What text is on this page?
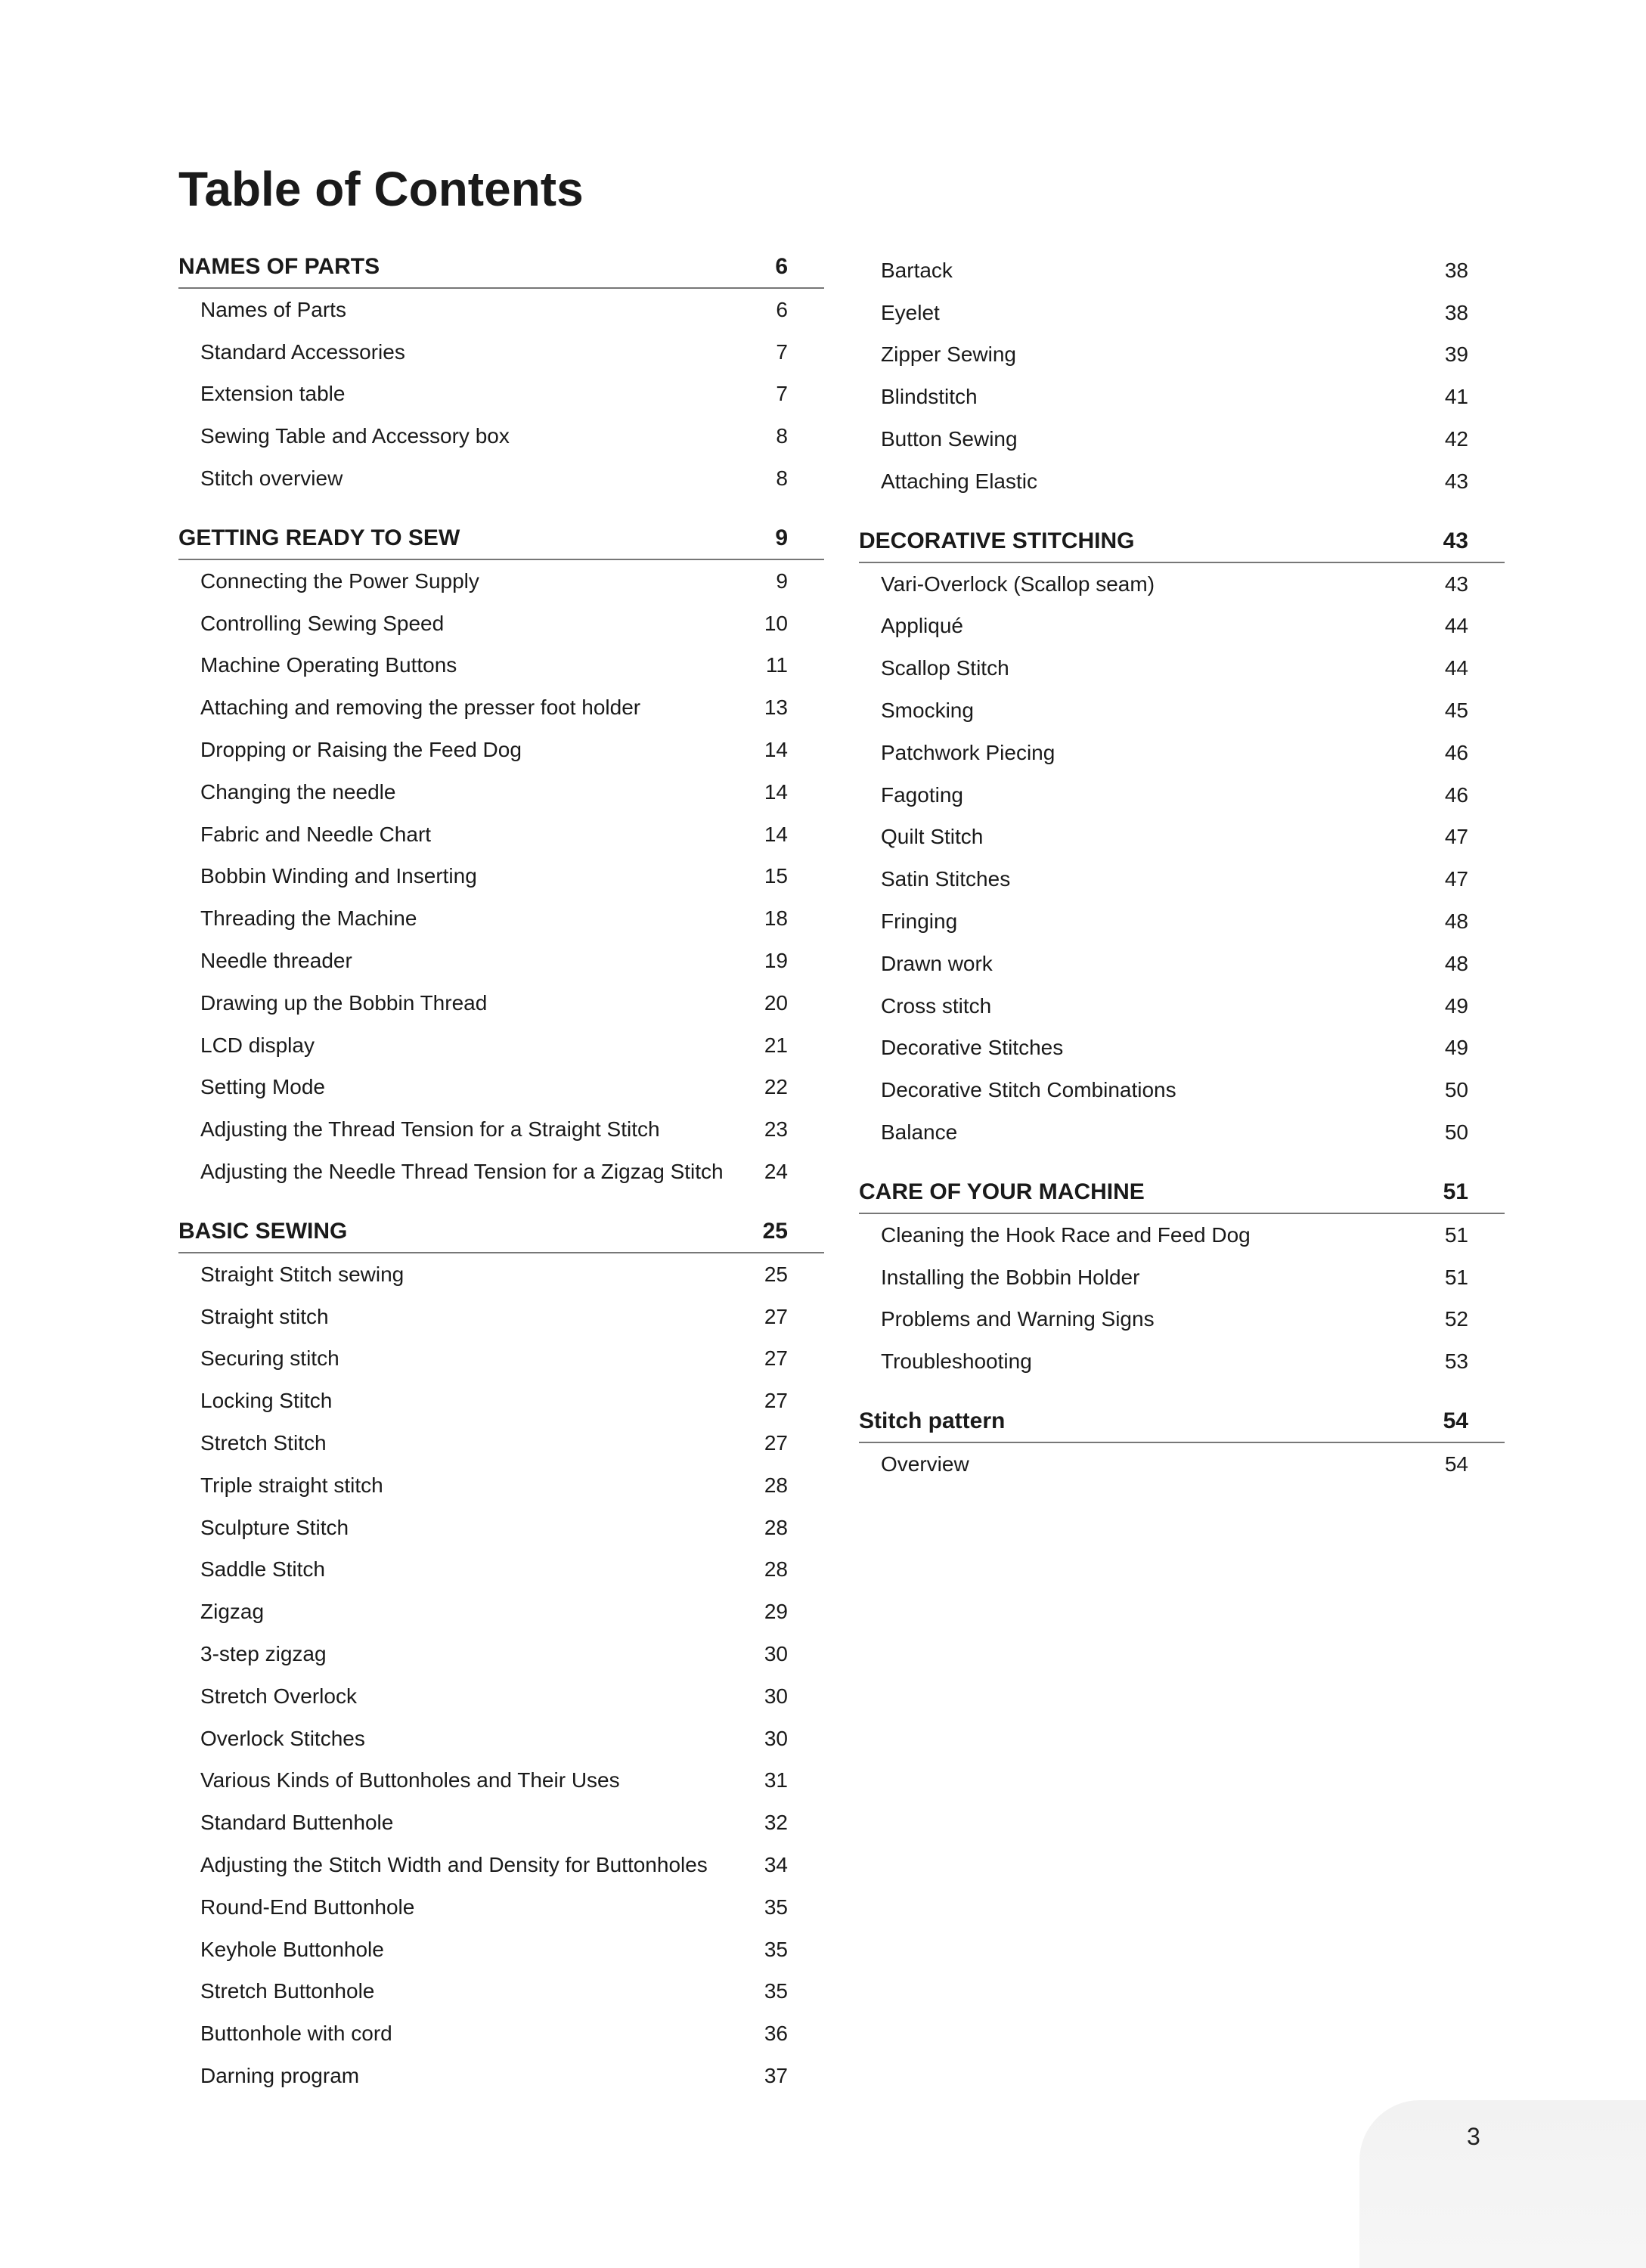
Table of Contents
NAMES OF PARTS	6
Names of Parts	6
Standard Accessories	7
Extension table	7
Sewing Table and Accessory box	8
Stitch overview	8
GETTING READY TO SEW	9
Connecting the Power Supply	9
Controlling Sewing Speed	10
Machine Operating Buttons	11
Attaching and removing the presser foot holder	13
Dropping or Raising the Feed Dog	14
Changing the needle	14
Fabric and Needle Chart	14
Bobbin Winding and Inserting	15
Threading the Machine	18
Needle threader	19
Drawing up the Bobbin Thread	20
LCD display	21
Setting Mode	22
Adjusting the Thread Tension for a Straight Stitch	23
Adjusting the Needle Thread Tension for a Zigzag Stitch 24
BASIC SEWING	25
Straight Stitch sewing	25
Straight stitch	27
Securing stitch	27
Locking Stitch	27
Stretch Stitch	27
Triple straight stitch	28
Sculpture Stitch	28
Saddle Stitch	28
Zigzag	29
3-step zigzag	30
Stretch Overlock	30
Overlock Stitches	30
Various Kinds of Buttonholes and Their Uses	31
Standard Buttenhole	32
Adjusting the Stitch Width and Density for Buttonholes	34
Round-End Buttonhole	35
Keyhole Buttonhole	35
Stretch Buttonhole	35
Buttonhole with cord	36
Darning program	37
Bartack	38
Eyelet	38
Zipper Sewing	39
Blindstitch	41
Button Sewing	42
Attaching Elastic	43
DECORATIVE STITCHING	43
Vari-Overlock (Scallop seam)	43
Appliqué	44
Scallop Stitch	44
Smocking	45
Patchwork Piecing	46
Fagoting	46
Quilt Stitch	47
Satin Stitches	47
Fringing	48
Drawn work	48
Cross stitch	49
Decorative Stitches	49
Decorative Stitch Combinations	50
Balance	50
CARE OF YOUR MACHINE	51
Cleaning the Hook Race and Feed Dog	51
Installing the Bobbin Holder	51
Problems and Warning Signs	52
Troubleshooting	53
Stitch pattern	54
Overview	54
3
